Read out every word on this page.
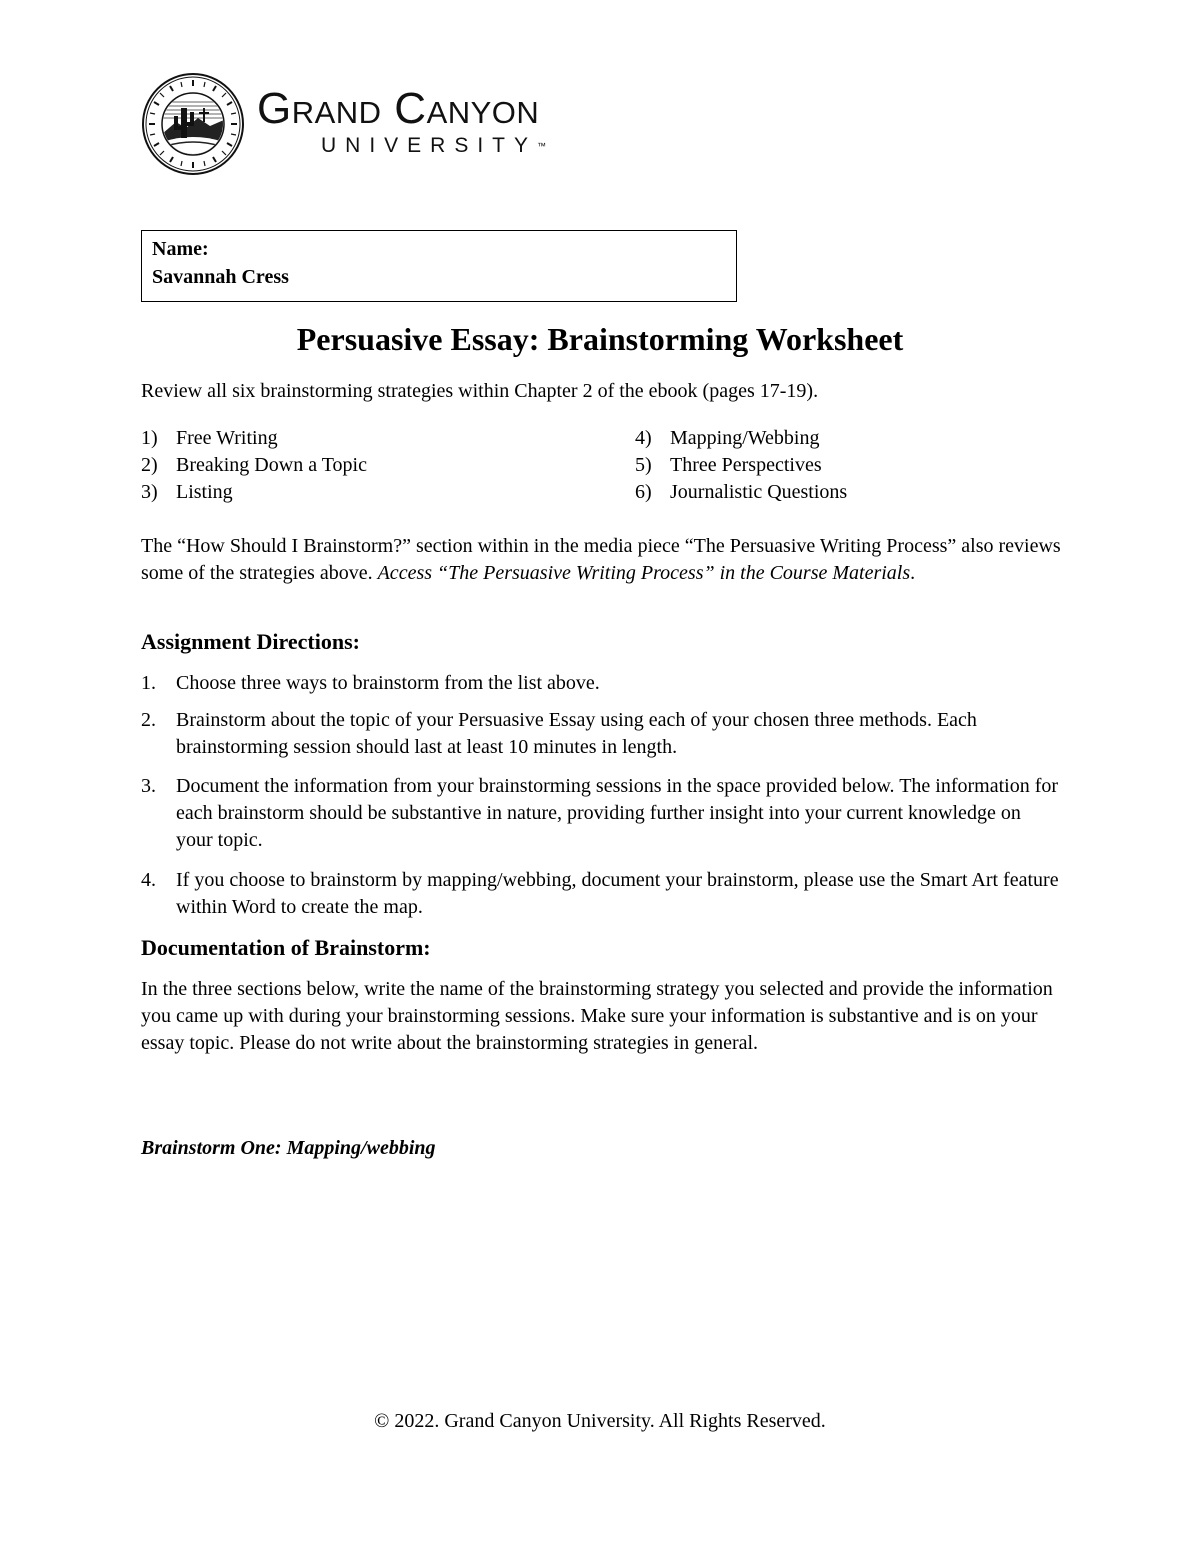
Grand Canyon
UNIVERSITY™
Name:
Savannah Cress
Persuasive Essay: Brainstorming Worksheet
Review all six brainstorming strategies within Chapter 2 of the ebook (pages 17-19).
1) Free Writing
2) Breaking Down a Topic
3) Listing
4) Mapping/Webbing
5) Three Perspectives
6) Journalistic Questions
The “How Should I Brainstorm?” section within in the media piece “The Persuasive Writing Process” also reviews some of the strategies above. Access “The Persuasive Writing Process” in the Course Materials.
Assignment Directions:
1.	Choose three ways to brainstorm from the list above.
2.	Brainstorm about the topic of your Persuasive Essay using each of your chosen three methods. Each brainstorming session should last at least 10 minutes in length.
3.	Document the information from your brainstorming sessions in the space provided below. The information for each brainstorm should be substantive in nature, providing further insight into your current knowledge on your topic.
4.	If you choose to brainstorm by mapping/webbing, document your brainstorm, please use the Smart Art feature within Word to create the map.
Documentation of Brainstorm:
In the three sections below, write the name of the brainstorming strategy you selected and provide the information you came up with during your brainstorming sessions. Make sure your information is substantive and is on your essay topic. Please do not write about the brainstorming strategies in general.
Brainstorm One: Mapping/webbing
© 2022. Grand Canyon University. All Rights Reserved.
